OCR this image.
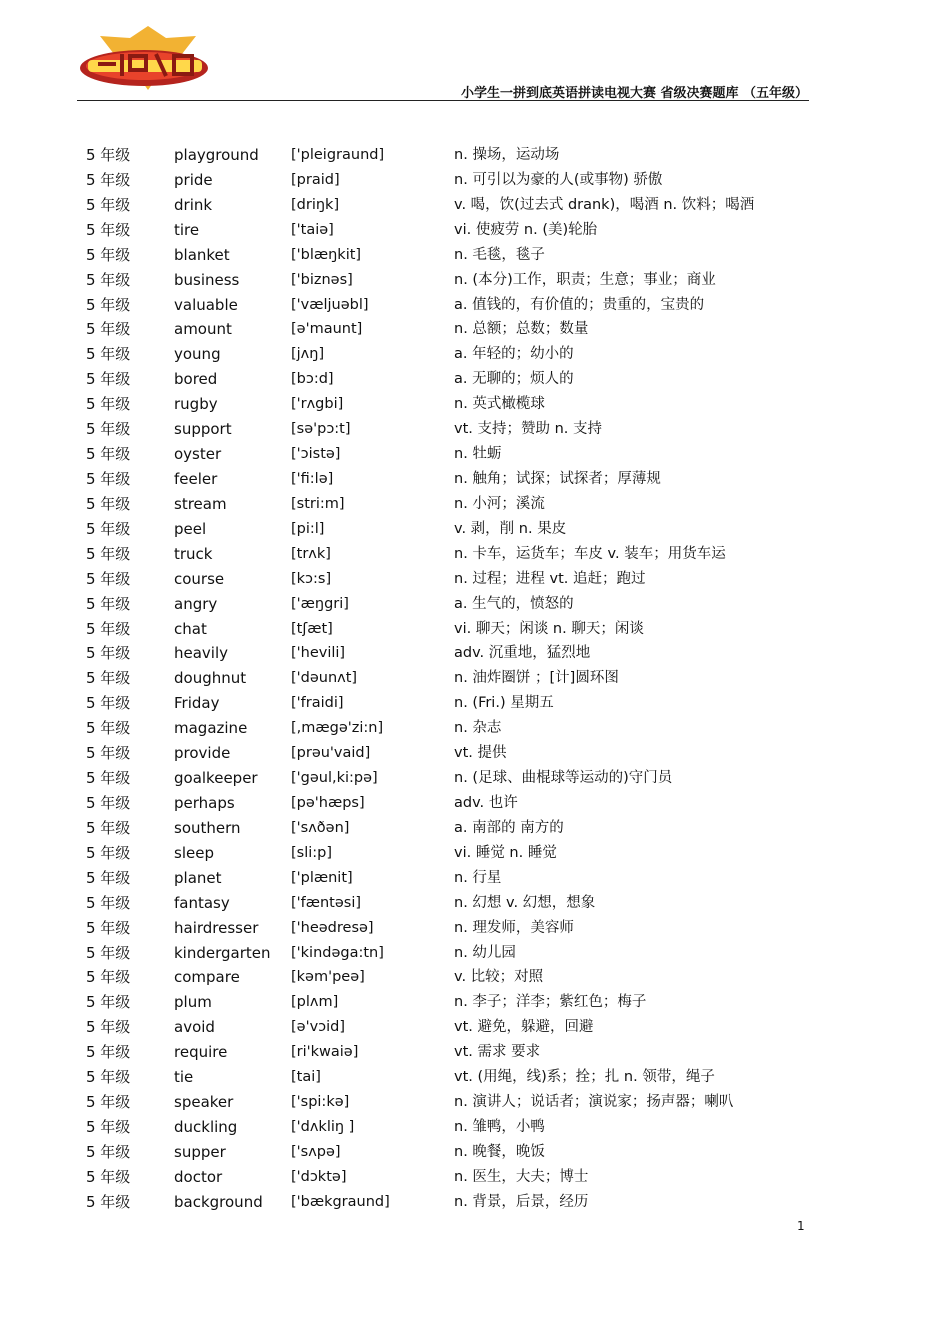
小学生一拼到底英语拼读电视大赛 省级决赛题库 （五年级）
5 年级	playground ['pleigraund]	n. 操场，运动场
5 年级	pride	[praid]	n. 可引以为豪的人(或事物) 骄傲
5 年级	drink	[driŋk]	v. 喝，饮(过去式 drank)，喝酒 n. 饮料；喝酒
5 年级	tire	['taiə]	vi. 使疲劳 n. (美)轮胎
5 年级	blanket	['blæŋkit]	n. 毛毯，毯子
5 年级	business	['biznəs]	n. (本分)工作，职责；生意；事业；商业
5 年级	valuable	['væljuəbl]	a. 值钱的，有价值的；贵重的，宝贵的
5 年级	amount	[ə'maunt]	n. 总额；总数；数量
5 年级	young	[jʌŋ]	a. 年轻的；幼小的
5 年级	bored	[bɔ:d]	a. 无聊的；烦人的
5 年级	rugby	['rʌgbi]	n. 英式橄榄球
5 年级	support	[sə'pɔ:t]	vt. 支持；赞助 n. 支持
5 年级	oyster	['ɔistə]	n. 牡蛎
5 年级	feeler	['fi:lə]	n. 触角；试探；试探者；厚薄规
5 年级	stream	[stri:m]	n. 小河；溪流
5 年级	peel	[pi:l]	v. 剥，削 n. 果皮
5 年级	truck	[trʌk]	n. 卡车，运货车；车皮 v. 装车；用货车运
5 年级	course	[kɔ:s]	n. 过程；进程 vt. 追赶；跑过
5 年级	angry	['æŋgri]	a. 生气的，愤怒的
5 年级	chat	[tʃæt]	vi. 聊天；闲谈 n. 聊天；闲谈
5 年级	heavily	['hevili]	adv. 沉重地，猛烈地
5 年级	doughnut	['dəunʌt]	n. 油炸圈饼 ；[计]圆环图
5 年级	Friday	['fraidi]	n. (Fri.) 星期五
5 年级	magazine	[,mægə'zi:n]	n. 杂志
5 年级	provide	[prəu'vaid]	vt. 提供
5 年级	goalkeeper ['gəul,ki:pə]	n. (足球、曲棍球等运动的)守门员
5 年级	perhaps	[pə'hæps]	adv. 也许
5 年级	southern	['sʌðən]	a. 南部的 南方的
5 年级	sleep	[sli:p]	vi. 睡觉 n. 睡觉
5 年级	planet	['plænit]	n. 行星
5 年级	fantasy	['fæntəsi]	n. 幻想 v. 幻想，想象
5 年级	hairdresser ['heədresə]	n. 理发师，美容师
5 年级	kindergarten ['kindəga:tn]	n. 幼儿园
5 年级	compare	[kəm'peə]	v. 比较；对照
5 年级	plum	[plʌm]	n. 李子；洋李；紫红色；梅子
5 年级	avoid	[ə'vɔid]	vt. 避免，躲避，回避
5 年级	require	[ri'kwaiə]	vt. 需求 要求
5 年级	tie	[tai]	vt. (用绳，线)系；拴；扎 n. 领带，绳子
5 年级	speaker	['spi:kə]	n. 演讲人；说话者；演说家；扬声器；喇叭
5 年级	duckling	['dʌkliŋ ]	n. 雏鸭，小鸭
5 年级	supper	['sʌpə]	n. 晚餐，晚饭
5 年级	doctor	['dɔktə]	n. 医生，大夫；博士
5 年级	background ['bækgraund]	n. 背景，后景，经历
1
